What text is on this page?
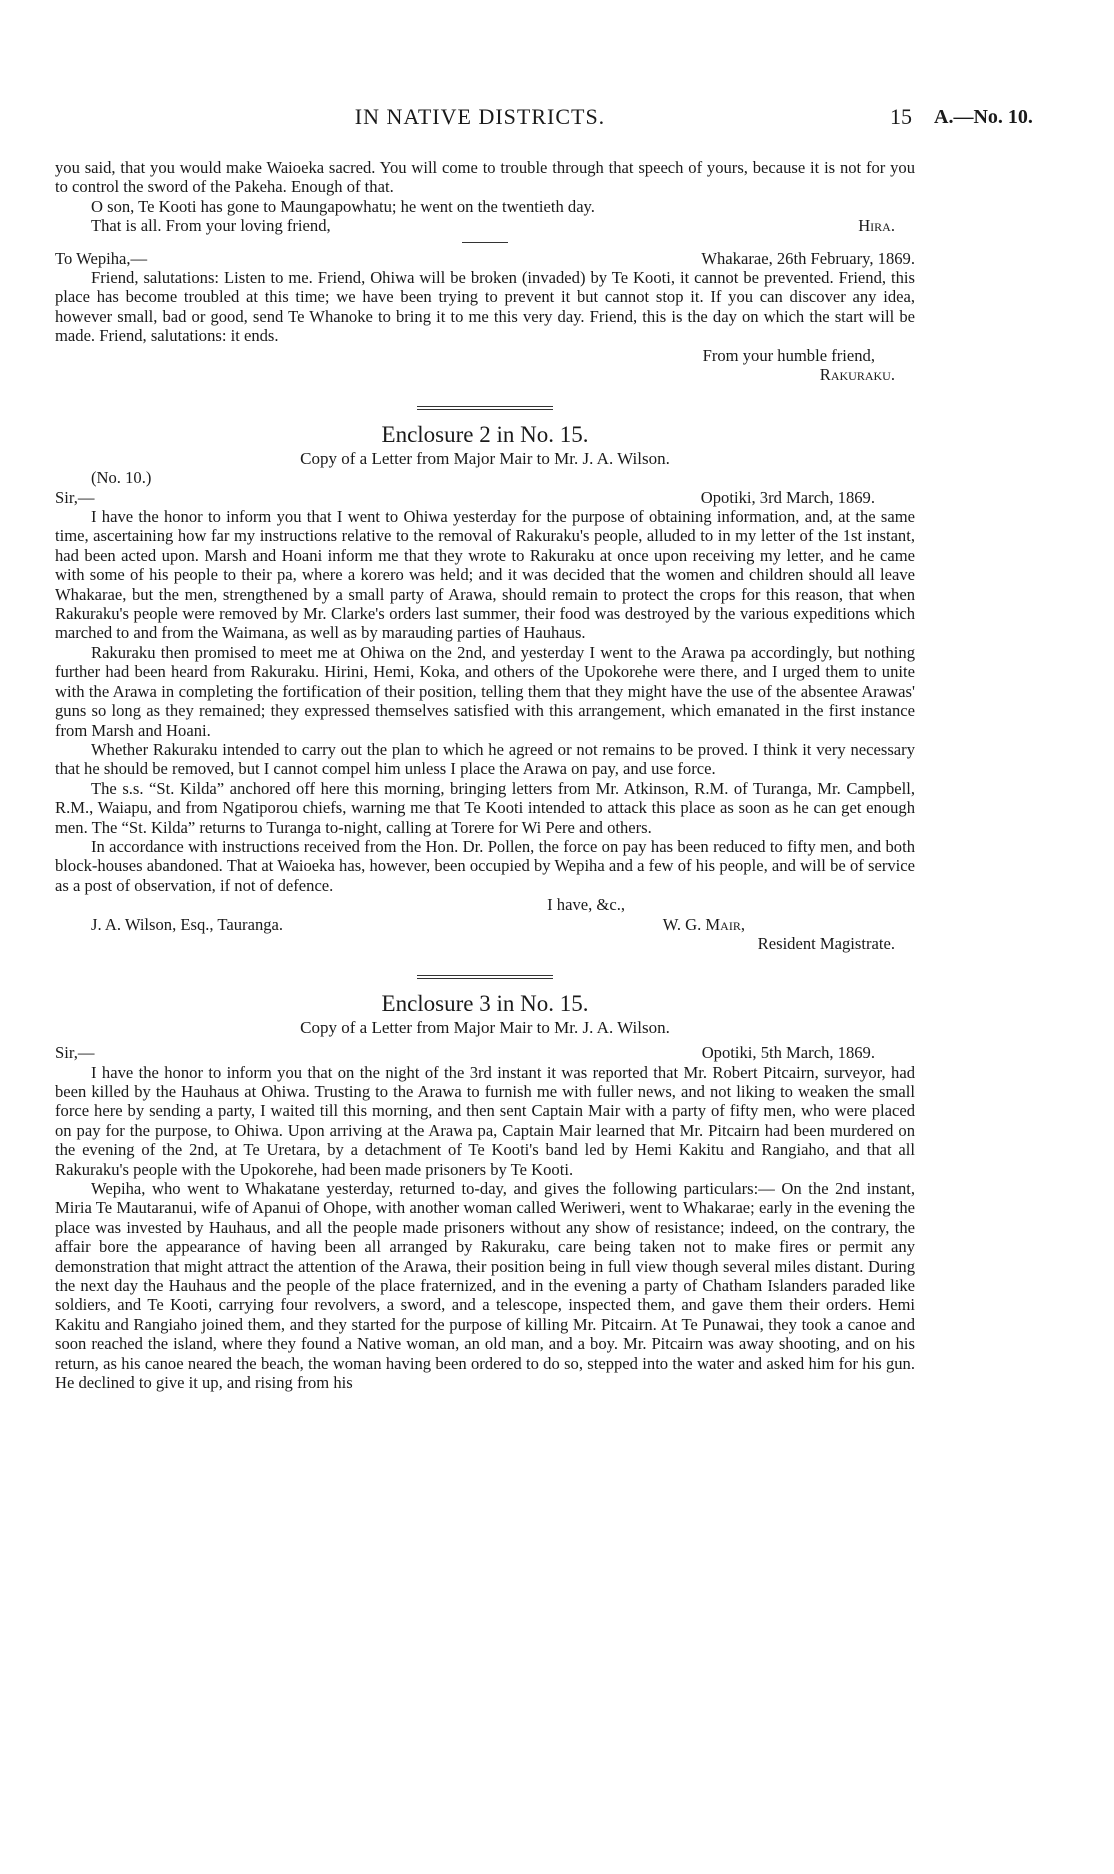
IN NATIVE DISTRICTS.	15 A.—No. 10.

you said, that you would make Waioeka sacred. You will come to trouble through that speech of yours, because it is not for you to control the sword of the Pakeha. Enough of that.

O son, Te Kooti has gone to Maungapowhatu; he went on the twentieth day.

That is all. From your loving friend,	Hira.
To Wepiha,—	Whakarae, 26th February, 1869.

Friend, salutations: Listen to me. Friend, Ohiwa will be broken (invaded) by Te Kooti, it cannot be prevented. Friend, this place has become troubled at this time; we have been trying to prevent it but cannot stop it. If you can discover any idea, however small, bad or good, send Te Whanoke to bring it to me this very day. Friend, this is the day on which the start will be made. Friend, salutations: it ends.

From your humble friend,

Rakuraku.

Enclosure 2 in No. 15.
Copy of a Letter from Major Mair to Mr. J. A. Wilson.

(No. 10.)

Sir,—	Opotiki, 3rd March, 1869.

I have the honor to inform you that I went to Ohiwa yesterday for the purpose of obtaining information, and, at the same time, ascertaining how far my instructions relative to the removal of Rakuraku's people, alluded to in my letter of the 1st instant, had been acted upon. Marsh and Hoani inform me that they wrote to Rakuraku at once upon receiving my letter, and he came with some of his people to their pa, where a korero was held; and it was decided that the women and children should all leave Whakarae, but the men, strengthened by a small party of Arawa, should remain to protect the crops for this reason, that when Rakuraku's people were removed by Mr. Clarke's orders last summer, their food was destroyed by the various expeditions which marched to and from the Waimana, as well as by marauding parties of Hauhaus.

Rakuraku then promised to meet me at Ohiwa on the 2nd, and yesterday I went to the Arawa pa accordingly, but nothing further had been heard from Rakuraku. Hirini, Hemi, Koka, and others of the Upokorehe were there, and I urged them to unite with the Arawa in completing the fortification of their position, telling them that they might have the use of the absentee Arawas' guns so long as they remained; they expressed themselves satisfied with this arrangement, which emanated in the first instance from Marsh and Hoani.

Whether Rakuraku intended to carry out the plan to which he agreed or not remains to be proved. I think it very necessary that he should be removed, but I cannot compel him unless I place the Arawa on pay, and use force.

The s.s. “St. Kilda” anchored off here this morning, bringing letters from Mr. Atkinson, R.M. of Turanga, Mr. Campbell, R.M., Waiapu, and from Ngatiporou chiefs, warning me that Te Kooti intended to attack this place as soon as he can get enough men. The “St. Kilda” returns to Turanga to-night, calling at Torere for Wi Pere and others.

In accordance with instructions received from the Hon. Dr. Pollen, the force on pay has been reduced to fifty men, and both block-houses abandoned. That at Waioeka has, however, been occupied by Wepiha and a few of his people, and will be of service as a post of observation, if not of defence.

I have, &c.,

J. A. Wilson, Esq., Tauranga.	W. G. Mair,

Resident Magistrate.

Enclosure 3 in No. 15.
Copy of a Letter from Major Mair to Mr. J. A. Wilson.
Sir,—	Opotiki, 5th March, 1869.

I have the honor to inform you that on the night of the 3rd instant it was reported that Mr. Robert Pitcairn, surveyor, had been killed by the Hauhaus at Ohiwa. Trusting to the Arawa to furnish me with fuller news, and not liking to weaken the small force here by sending a party, I waited till this morning, and then sent Captain Mair with a party of fifty men, who were placed on pay for the purpose, to Ohiwa. Upon arriving at the Arawa pa, Captain Mair learned that Mr. Pitcairn had been murdered on the evening of the 2nd, at Te Uretara, by a detachment of Te Kooti's band led by Hemi Kakitu and Rangiaho, and that all Rakuraku's people with the Upokorehe, had been made prisoners by Te Kooti.

Wepiha, who went to Whakatane yesterday, returned to-day, and gives the following particulars:— On the 2nd instant, Miria Te Mautaranui, wife of Apanui of Ohope, with another woman called Weriweri, went to Whakarae; early in the evening the place was invested by Hauhaus, and all the people made prisoners without any show of resistance; indeed, on the contrary, the affair bore the appearance of having been all arranged by Rakuraku, care being taken not to make fires or permit any demonstration that might attract the attention of the Arawa, their position being in full view though several miles distant. During the next day the Hauhaus and the people of the place fraternized, and in the evening a party of Chatham Islanders paraded like soldiers, and Te Kooti, carrying four revolvers, a sword, and a telescope, inspected them, and gave them their orders. Hemi Kakitu and Rangiaho joined them, and they started for the purpose of killing Mr. Pitcairn. At Te Punawai, they took a canoe and soon reached the island, where they found a Native woman, an old man, and a boy. Mr. Pitcairn was away shooting, and on his return, as his canoe neared the beach, the woman having been ordered to do so, stepped into the water and asked him for his gun. He declined to give it up, and rising from his
